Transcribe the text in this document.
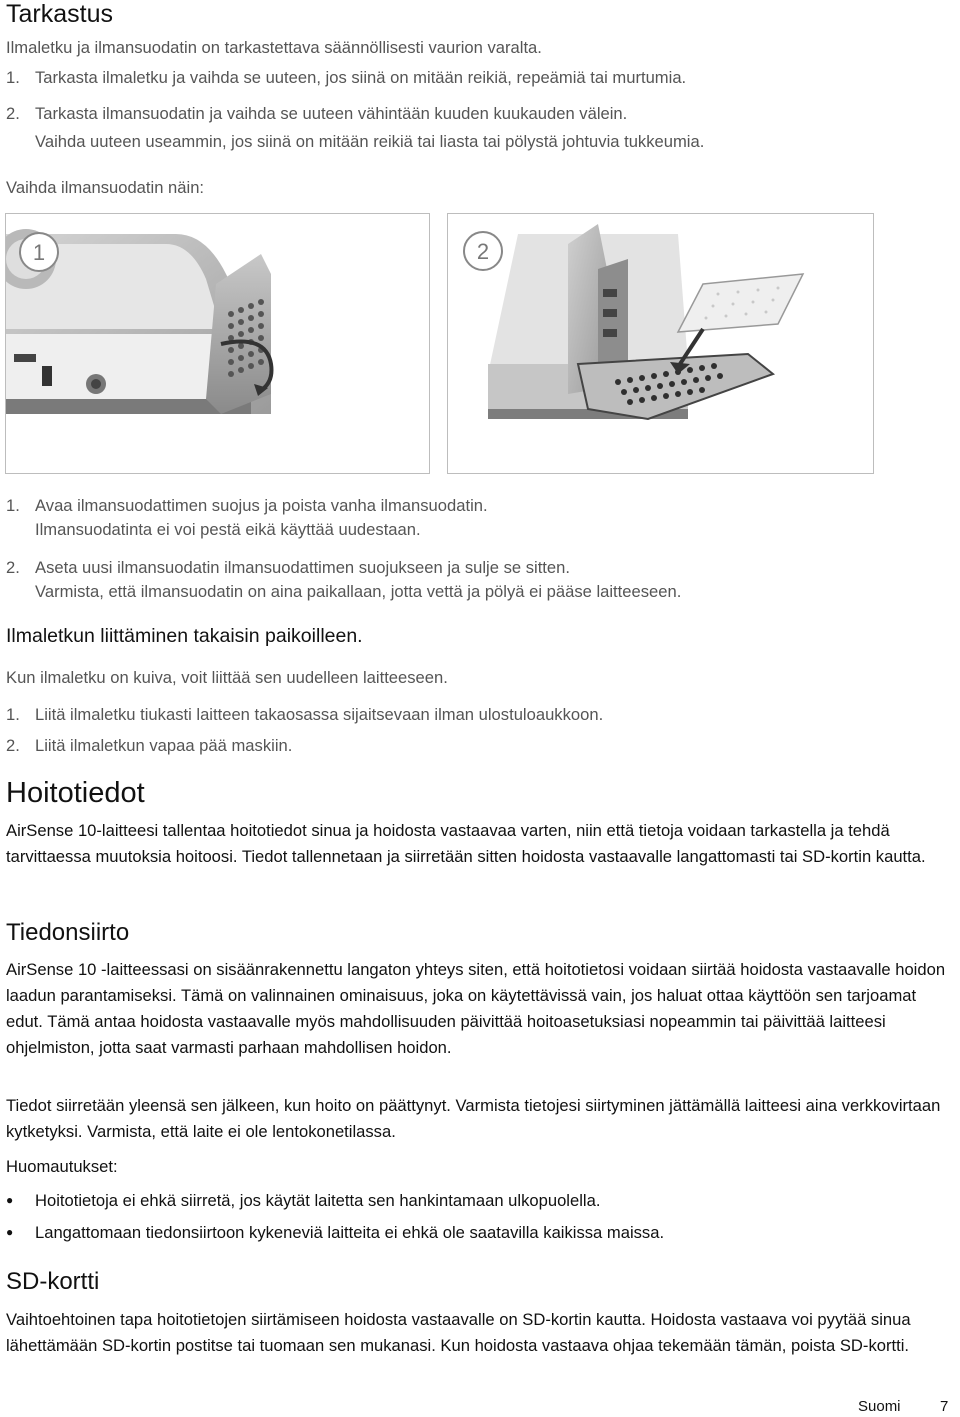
Tarkastus
Ilmaletku ja ilmansuodatin on tarkastettava säännöllisesti vaurion varalta.
1. Tarkasta ilmaletku ja vaihda se uuteen, jos siinä on mitään reikiä, repeämiä tai murtumia.
2. Tarkasta ilmansuodatin ja vaihda se uuteen vähintään kuuden kuukauden välein.
Vaihda uuteen useammin, jos siinä on mitään reikiä tai liasta tai pölystä johtuvia tukkeumia.
Vaihda ilmansuodatin näin:
1	2
1. Avaa ilmansuodattimen suojus ja poista vanha ilmansuodatin.
Ilmansuodatinta ei voi pestä eikä käyttää uudestaan.
2. Aseta uusi ilmansuodatin ilmansuodattimen suojukseen ja sulje se sitten.
Varmista, että ilmansuodatin on aina paikallaan, jotta vettä ja pölyä ei pääse laitteeseen.
Ilmaletkun liittäminen takaisin paikoilleen.
Kun ilmaletku on kuiva, voit liittää sen uudelleen laitteeseen.
1. Liitä ilmaletku tiukasti laitteen takaosassa sijaitsevaan ilman ulostuloaukkoon.
2. Liitä ilmaletkun vapaa pää maskiin.
Hoitotiedot
AirSense 10-laitteesi tallentaa hoitotiedot sinua ja hoidosta vastaavaa varten, niin että tietoja voidaan tarkastella ja tehdä tarvittaessa muutoksia hoitoosi. Tiedot tallennetaan ja siirretään sitten hoidosta vastaavalle langattomasti tai SD-kortin kautta.
Tiedonsiirto
AirSense 10 -laitteessasi on sisäänrakennettu langaton yhteys siten, että hoitotietosi voidaan siirtää hoidosta vastaavalle hoidon laadun parantamiseksi. Tämä on valinnainen ominaisuus, joka on käytettävissä vain, jos haluat ottaa käyttöön sen tarjoamat edut. Tämä antaa hoidosta vastaavalle myös mahdollisuuden päivittää hoitoasetuksiasi nopeammin tai päivittää laitteesi ohjelmiston, jotta saat varmasti parhaan mahdollisen hoidon.
Tiedot siirretään yleensä sen jälkeen, kun hoito on päättynyt. Varmista tietojesi siirtyminen jättämällä laitteesi aina verkkovirtaan kytketyksi. Varmista, että laite ei ole lentokonetilassa.
Huomautukset:
● Hoitotietoja ei ehkä siirretä, jos käytät laitetta sen hankintamaan ulkopuolella.
● Langattomaan tiedonsiirtoon kykeneviä laitteita ei ehkä ole saatavilla kaikissa maissa.
SD-kortti
Vaihtoehtoinen tapa hoitotietojen siirtämiseen hoidosta vastaavalle on SD-kortin kautta. Hoidosta vastaava voi pyytää sinua lähettämään SD-kortin postitse tai tuomaan sen mukanasi. Kun hoidosta vastaava ohjaa tekemään tämän, poista SD-kortti.
Suomi	7
